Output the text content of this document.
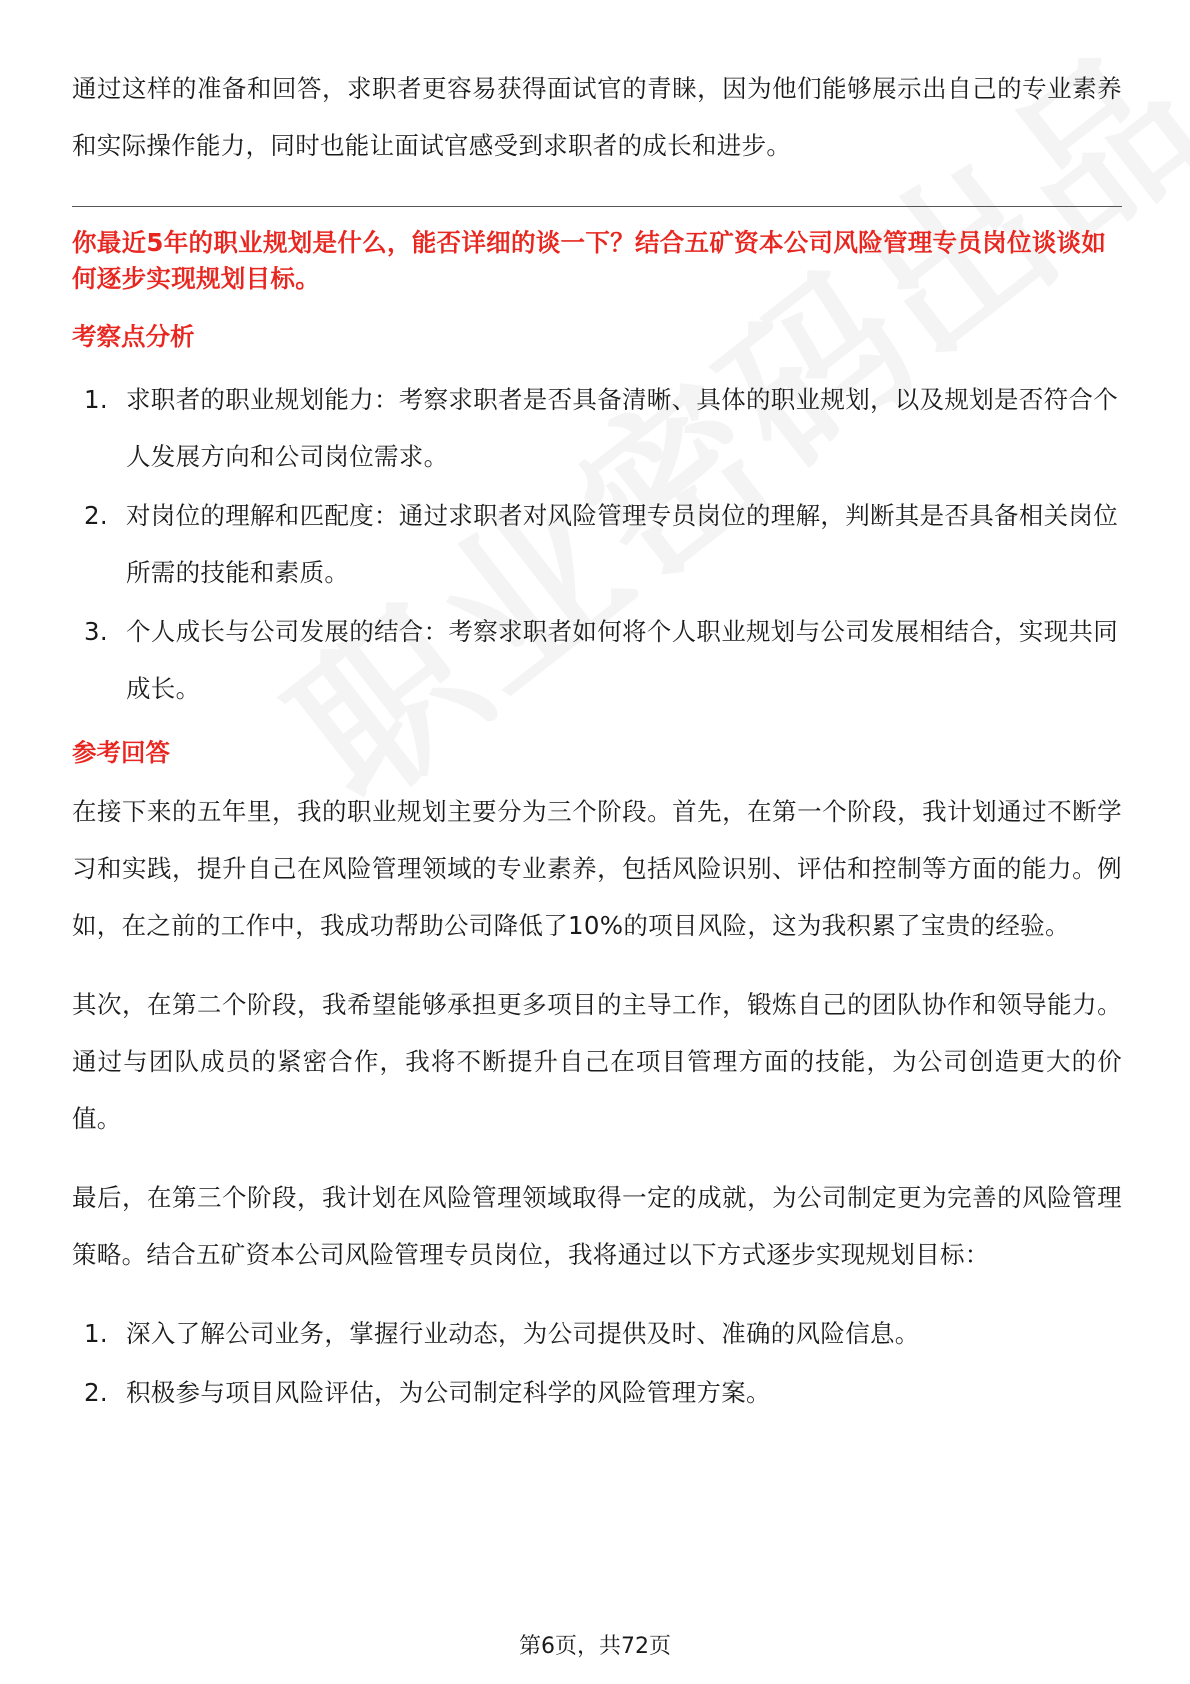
通过这样的准备和回答，求职者更容易获得面试官的青睐，因为他们能够展示出自己的专业素养和实际操作能力，同时也能让面试官感受到求职者的成长和进步。

你最近5年的职业规划是什么，能否详细的谈一下？结合五矿资本公司风险管理专员岗位谈谈如何逐步实现规划目标。

考察点分析
1. 求职者的职业规划能力：考察求职者是否具备清晰、具体的职业规划，以及规划是否符合个人发展方向和公司岗位需求。
2. 对岗位的理解和匹配度：通过求职者对风险管理专员岗位的理解，判断其是否具备相关岗位所需的技能和素质。
3. 个人成长与公司发展的结合：考察求职者如何将个人职业规划与公司发展相结合，实现共同成长。
参考回答

在接下来的五年里，我的职业规划主要分为三个阶段。首先，在第一个阶段，我计划通过不断学习和实践，提升自己在风险管理领域的专业素养，包括风险识别、评估和控制等方面的能力。例如，在之前的工作中，我成功帮助公司降低了10%的项目风险，这为我积累了宝贵的经验。

其次，在第二个阶段，我希望能够承担更多项目的主导工作，锻炼自己的团队协作和领导能力。通过与团队成员的紧密合作，我将不断提升自己在项目管理方面的技能，为公司创造更大的价值。

最后，在第三个阶段，我计划在风险管理领域取得一定的成就，为公司制定更为完善的风险管理策略。结合五矿资本公司风险管理专员岗位，我将通过以下方式逐步实现规划目标：

1. 深入了解公司业务，掌握行业动态，为公司提供及时、准确的风险信息。
2. 积极参与项目风险评估，为公司制定科学的风险管理方案。
第6页，共72页
